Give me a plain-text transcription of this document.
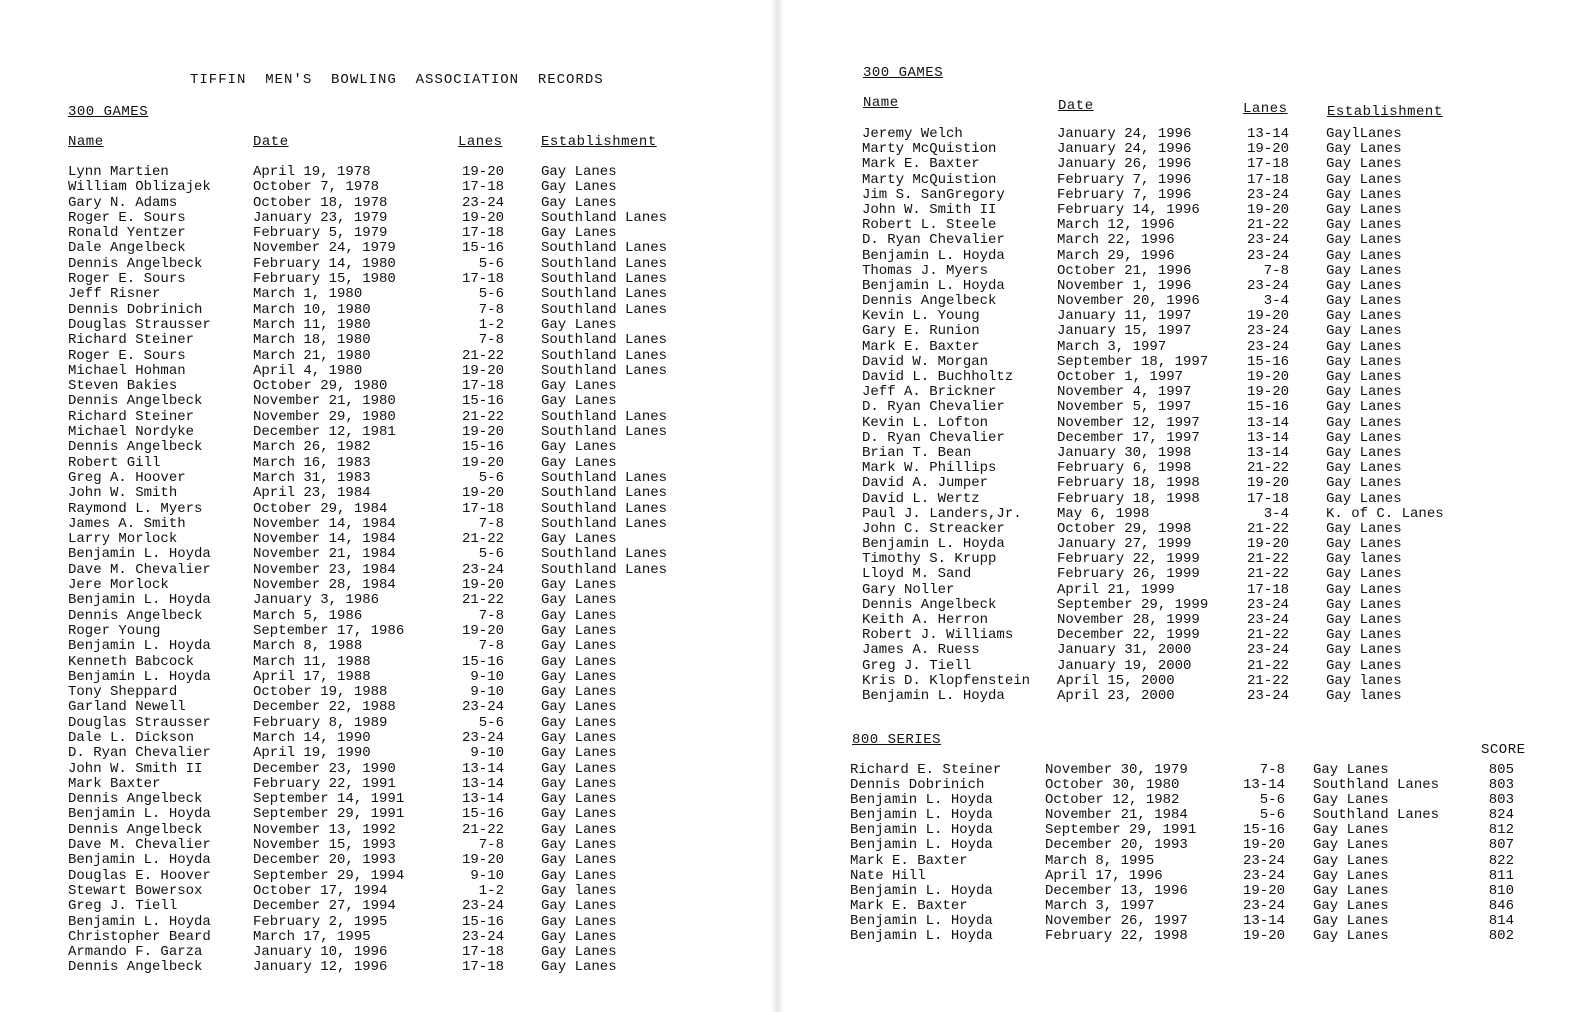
TIFFIN  MEN'S  BOWLING  ASSOCIATION  RECORDS
300 GAMES
Name	Date	Lanes	Establishment
Lynn Martien	April 19, 1978	19-20	Gay Lanes
William Oblizajek	October 7, 1978	17-18	Gay Lanes
Gary N. Adams	October 18, 1978	23-24	Gay Lanes
Roger E. Sours	January 23, 1979	19-20	Southland Lanes
Ronald Yentzer	February 5, 1979	17-18	Gay Lanes
Dale Angelbeck	November 24, 1979	15-16	Southland Lanes
Dennis Angelbeck	February 14, 1980	5-6	Southland Lanes
Roger E. Sours	February 15, 1980	17-18	Southland Lanes
Jeff Risner	March 1, 1980	5-6	Southland Lanes
Dennis Dobrinich	March 10, 1980	7-8	Southland Lanes
Douglas Strausser	March 11, 1980	1-2	Gay Lanes
Richard Steiner	March 18, 1980	7-8	Southland Lanes
Roger E. Sours	March 21, 1980	21-22	Southland Lanes
Michael Hohman	April 4, 1980	19-20	Southland Lanes
Steven Bakies	October 29, 1980	17-18	Gay Lanes
Dennis Angelbeck	November 21, 1980	15-16	Gay Lanes
Richard Steiner	November 29, 1980	21-22	Southland Lanes
Michael Nordyke	December 12, 1981	19-20	Southland Lanes
Dennis Angelbeck	March 26, 1982	15-16	Gay Lanes
Robert Gill	March 16, 1983	19-20	Gay Lanes
Greg A. Hoover	March 31, 1983	5-6	Southland Lanes
John W. Smith	April 23, 1984	19-20	Southland Lanes
Raymond L. Myers	October 29, 1984	17-18	Southland Lanes
James A. Smith	November 14, 1984	7-8	Southland Lanes
Larry Morlock	November 14, 1984	21-22	Gay Lanes
Benjamin L. Hoyda	November 21, 1984	5-6	Southland Lanes
Dave M. Chevalier	November 23, 1984	23-24	Southland Lanes
Jere Morlock	November 28, 1984	19-20	Gay Lanes
Benjamin L. Hoyda	January 3, 1986	21-22	Gay Lanes
Dennis Angelbeck	March 5, 1986	7-8	Gay Lanes
Roger Young	September 17, 1986	19-20	Gay Lanes
Benjamin L. Hoyda	March 8, 1988	7-8	Gay Lanes
Kenneth Babcock	March 11, 1988	15-16	Gay Lanes
Benjamin L. Hoyda	April 17, 1988	9-10	Gay Lanes
Tony Sheppard	October 19, 1988	9-10	Gay Lanes
Garland Newell	December 22, 1988	23-24	Gay Lanes
Douglas Strausser	February 8, 1989	5-6	Gay Lanes
Dale L. Dickson	March 14, 1990	23-24	Gay Lanes
D. Ryan Chevalier	April 19, 1990	9-10	Gay Lanes
John W. Smith II	December 23, 1990	13-14	Gay Lanes
Mark Baxter	February 22, 1991	13-14	Gay Lanes
Dennis Angelbeck	September 14, 1991	13-14	Gay Lanes
Benjamin L. Hoyda	September 29, 1991	15-16	Gay Lanes
Dennis Angelbeck	November 13, 1992	21-22	Gay Lanes
Dave M. Chevalier	November 15, 1993	7-8	Gay Lanes
Benjamin L. Hoyda	December 20, 1993	19-20	Gay Lanes
Douglas E. Hoover	September 29, 1994	9-10	Gay Lanes
Stewart Bowersox	October 17, 1994	1-2	Gay lanes
Greg J. Tiell	December 27, 1994	23-24	Gay Lanes
Benjamin L. Hoyda	February 2, 1995	15-16	Gay Lanes
Christopher Beard	March 17, 1995	23-24	Gay Lanes
Armando F. Garza	January 10, 1996	17-18	Gay Lanes
Dennis Angelbeck	January 12, 1996	17-18	Gay Lanes
300 GAMES
Name	Date	Lanes	Establishment
Jeremy Welch	January 24, 1996	13-14	GaylLanes
Marty McQuistion	January 24, 1996	19-20	Gay Lanes
Mark E. Baxter	January 26, 1996	17-18	Gay Lanes
Marty McQuistion	February 7, 1996	17-18	Gay Lanes
Jim S. SanGregory	February 7, 1996	23-24	Gay Lanes
John W. Smith II	February 14, 1996	19-20	Gay Lanes
Robert L. Steele	March 12, 1996	21-22	Gay Lanes
D. Ryan Chevalier	March 22, 1996	23-24	Gay Lanes
Benjamin L. Hoyda	March 29, 1996	23-24	Gay Lanes
Thomas J. Myers	October 21, 1996	7-8	Gay Lanes
Benjamin L. Hoyda	November 1, 1996	23-24	Gay Lanes
Dennis Angelbeck	November 20, 1996	3-4	Gay Lanes
Kevin L. Young	January 11, 1997	19-20	Gay Lanes
Gary E. Runion	January 15, 1997	23-24	Gay Lanes
Mark E. Baxter	March 3, 1997	23-24	Gay Lanes
David W. Morgan	September 18, 1997	15-16	Gay Lanes
David L. Buchholtz	October 1, 1997	19-20	Gay Lanes
Jeff A. Brickner	November 4, 1997	19-20	Gay Lanes
D. Ryan Chevalier	November 5, 1997	15-16	Gay Lanes
Kevin L. Lofton	November 12, 1997	13-14	Gay Lanes
D. Ryan Chevalier	December 17, 1997	13-14	Gay Lanes
Brian T. Bean	January 30, 1998	13-14	Gay Lanes
Mark W. Phillips	February 6, 1998	21-22	Gay Lanes
David A. Jumper	February 18, 1998	19-20	Gay Lanes
David L. Wertz	February 18, 1998	17-18	Gay Lanes
Paul J. Landers,Jr.	May 6, 1998	3-4	K. of C. Lanes
John C. Streacker	October 29, 1998	21-22	Gay Lanes
Benjamin L. Hoyda	January 27, 1999	19-20	Gay Lanes
Timothy S. Krupp	February 22, 1999	21-22	Gay lanes
Lloyd M. Sand	February 26, 1999	21-22	Gay Lanes
Gary Noller	April 21, 1999	17-18	Gay Lanes
Dennis Angelbeck	September 29, 1999	23-24	Gay Lanes
Keith A. Herron	November 28, 1999	23-24	Gay Lanes
Robert J. Williams	December 22, 1999	21-22	Gay Lanes
James A. Ruess	January 31, 2000	23-24	Gay Lanes
Greg J. Tiell	January 19, 2000	21-22	Gay Lanes
Kris D. Klopfenstein April 15, 2000	21-22	Gay lanes
Benjamin L. Hoyda	April 23, 2000	23-24	Gay lanes
800 SERIES
SCORE
Richard E. Steiner	November 30, 1979	7-8 Gay Lanes	805
Dennis Dobrinich	October 30, 1980	13-14 Southland Lanes	803
Benjamin L. Hoyda	October 12, 1982	5-6 Gay Lanes	803
Benjamin L. Hoyda	November 21, 1984	5-6 Southland Lanes	824
Benjamin L. Hoyda	September 29, 1991	15-16 Gay Lanes	812
Benjamin L. Hoyda	December 20, 1993	19-20 Gay Lanes	807
Mark E. Baxter	March 8, 1995	23-24 Gay Lanes	822
Nate Hill	April 17, 1996	23-24 Gay Lanes	811
Benjamin L. Hoyda	December 13, 1996	19-20 Gay Lanes	810
Mark E. Baxter	March 3, 1997	23-24 Gay Lanes	846
Benjamin L. Hoyda	November 26, 1997	13-14 Gay Lanes	814
Benjamin L. Hoyda	February 22, 1998	19-20 Gay Lanes	802
